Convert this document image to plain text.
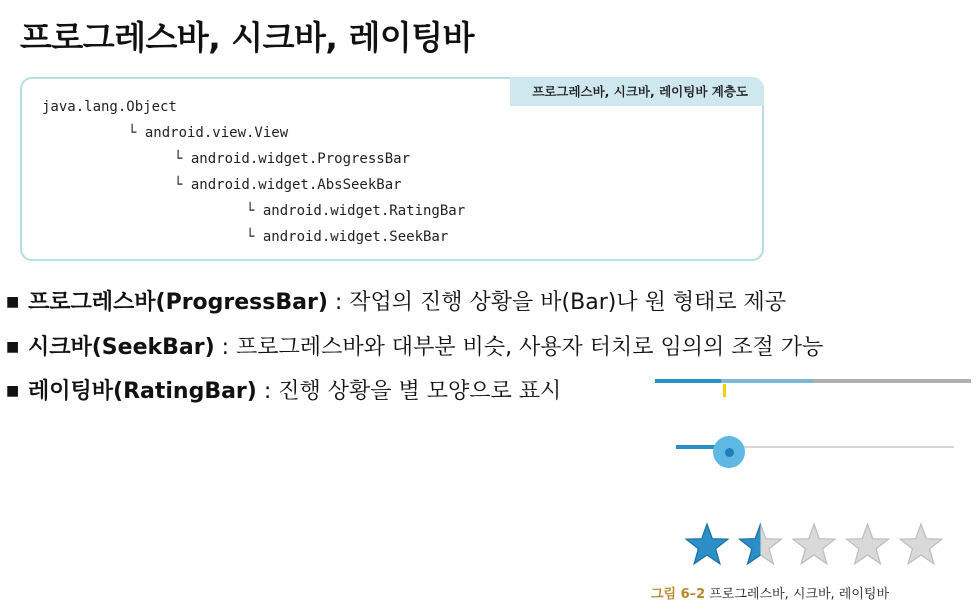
프로그레스바, 시크바, 레이팅바
프로그레스바, 시크바, 레이팅바 계층도

java.lang.Object

└ android.view.View

└ android.widget.ProgressBar

└ android.widget.AbsSeekBar

└ android.widget.RatingBar

└ android.widget.SeekBar

■ 프로그레스바(ProgressBar) : 작업의 진행 상황을 바(Bar)나 원 형태로 제공
■ 시크바(SeekBar) : 프로그레스바와 대부분 비슷, 사용자 터치로 임의의 조절 가능
■ 레이팅바(RatingBar) : 진행 상황을 별 모양으로 표시
그림 6–2 프로그레스바, 시크바, 레이팅바
